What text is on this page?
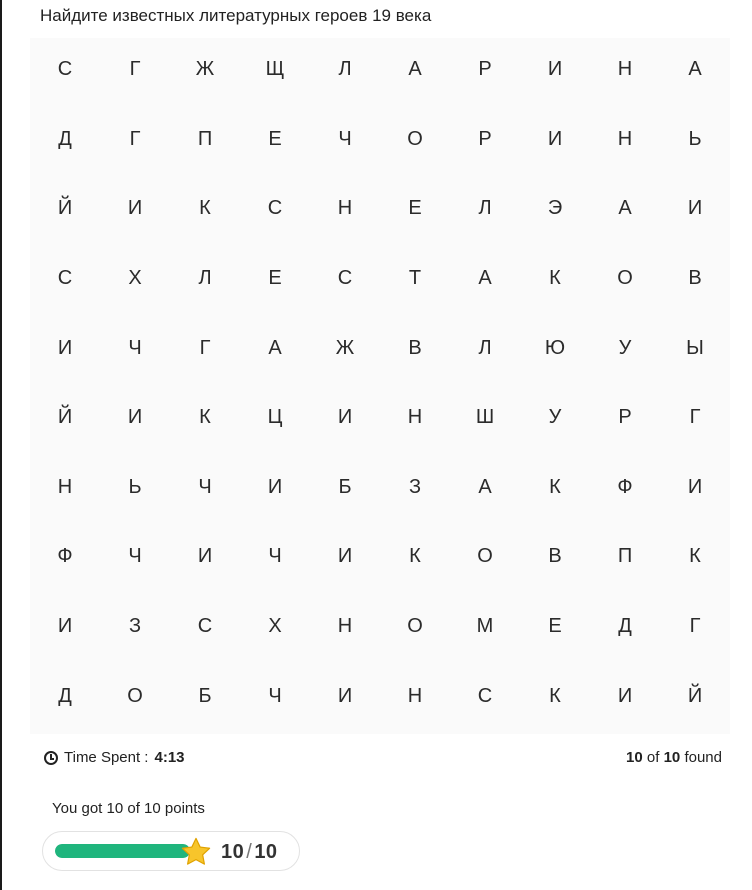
Найдите известных литературных героев 19 века
С	Г	Ж	Щ	Л	А	Р	И	Н	А
Д	Г	П	Е	Ч	О	Р	И	Н	Ь
Й	И	К	С	Н	Е	Л	Э	А	И
С	Х	Л	Е	С	Т	А	К	О	В
И	Ч	Г	А	Ж	В	Л	Ю	У	Ы
Й	И	К	Ц	И	Н	Ш	У	Р	Г
Н	Ь	Ч	И	Б	З	А	К	Ф	И
Ф	Ч	И	Ч	И	К	О	В	П	К
И	З	С	Х	Н	О	М	Е	Д	Г
Д	О	Б	Ч	И	Н	С	К	И	Й
Time Spent : 4:13	10 of 10 found
You got 10 of 10 points
10 / 10
